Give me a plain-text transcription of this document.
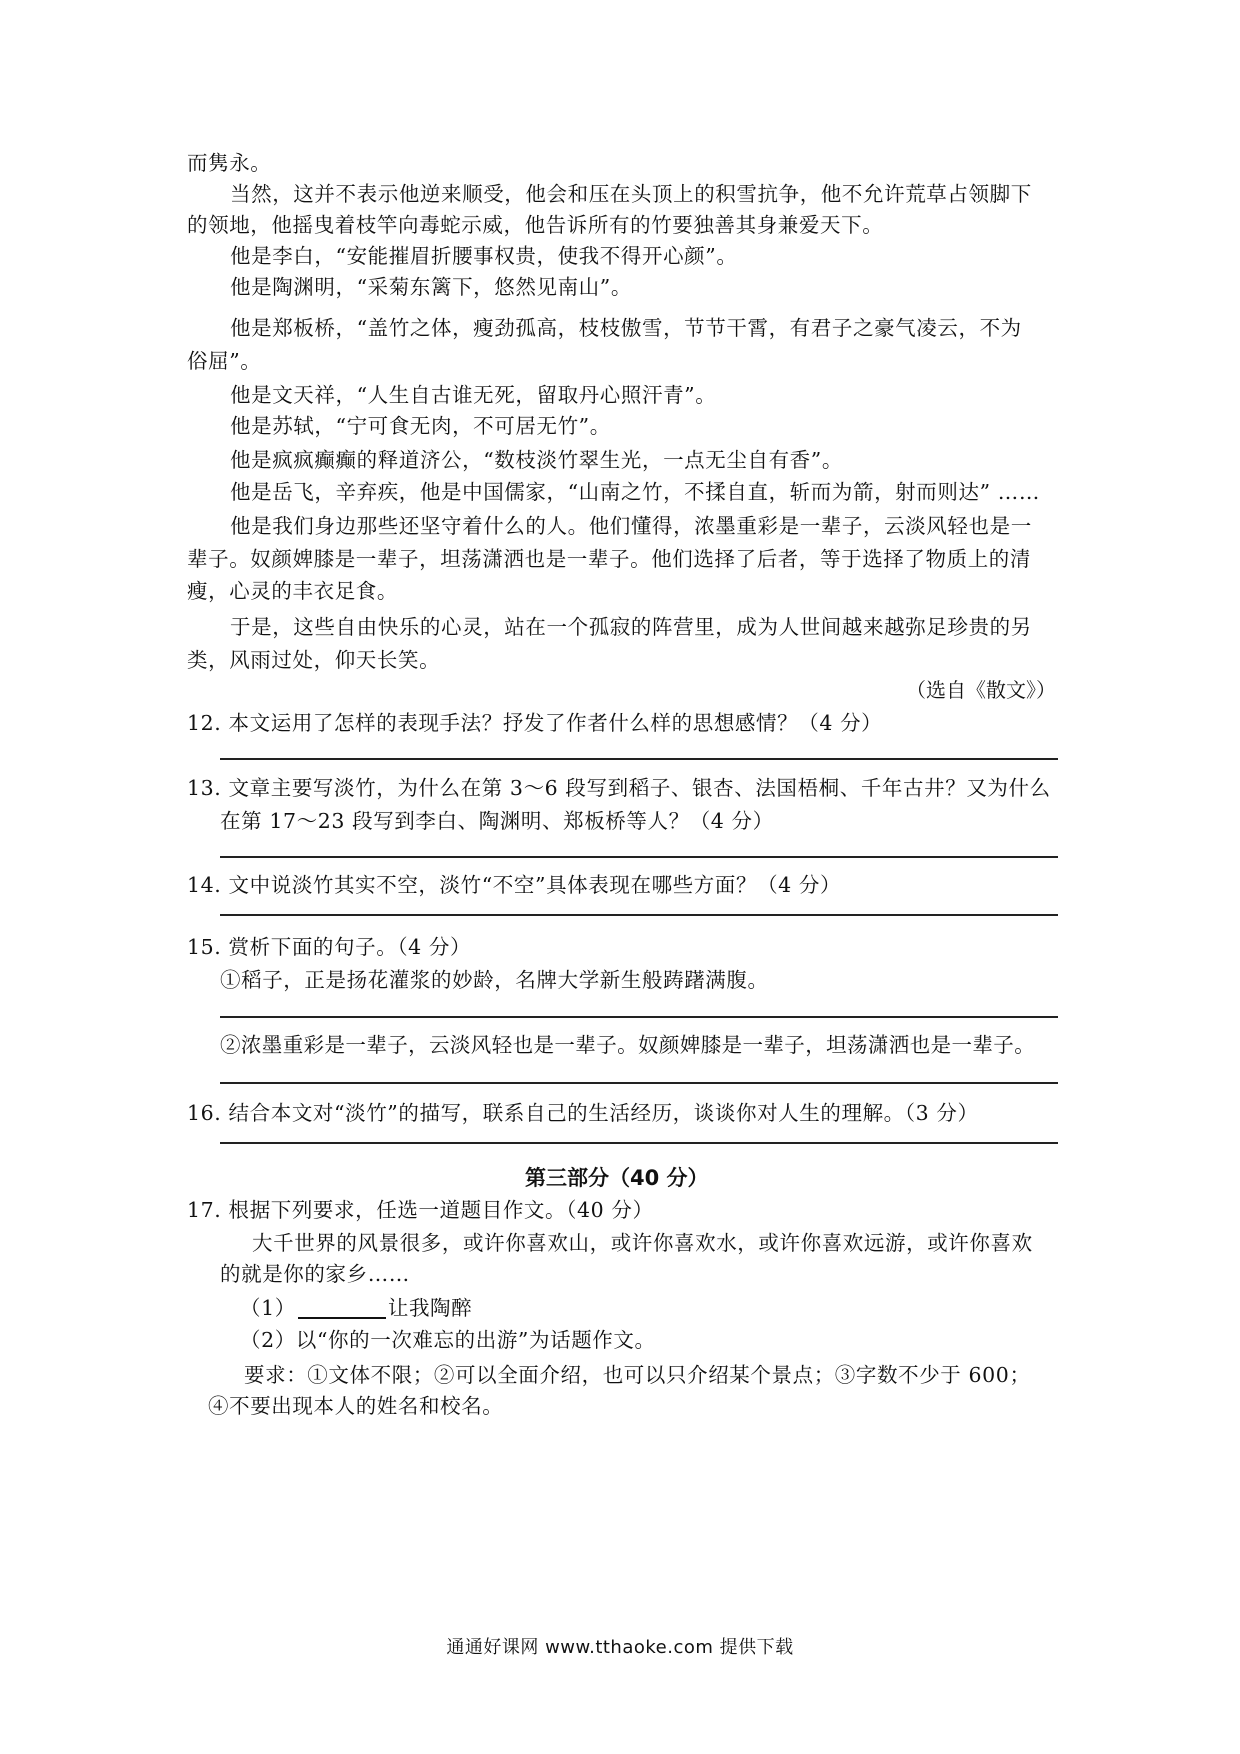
而隽永。
当然，这并不表示他逆来顺受，他会和压在头顶上的积雪抗争，他不允许荒草占领脚下
的领地，他摇曳着枝竿向毒蛇示威，他告诉所有的竹要独善其身兼爱天下。
他是李白，“安能摧眉折腰事权贵，使我不得开心颜”。
他是陶渊明，“采菊东篱下，悠然见南山”。
他是郑板桥，“盖竹之体，瘦劲孤高，枝枝傲雪，节节干霄，有君子之豪气凌云，不为
俗屈”。
他是文天祥，“人生自古谁无死，留取丹心照汗青”。
他是苏轼，“宁可食无肉，不可居无竹”。
他是疯疯癫癫的释道济公，“数枝淡竹翠生光，一点无尘自有香”。
他是岳飞，辛弃疾，他是中国儒家，“山南之竹，不揉自直，斩而为箭，射而则达” ……
他是我们身边那些还坚守着什么的人。他们懂得，浓墨重彩是一辈子，云淡风轻也是一
辈子。奴颜婢膝是一辈子，坦荡潇洒也是一辈子。他们选择了后者，等于选择了物质上的清
瘦，心灵的丰衣足食。
于是，这些自由快乐的心灵，站在一个孤寂的阵营里，成为人世间越来越弥足珍贵的另
类，风雨过处，仰天长笑。
（选自《散文》）
12. 本文运用了怎样的表现手法？抒发了作者什么样的思想感情？（4 分）
13. 文章主要写淡竹，为什么在第 3～6 段写到稻子、银杏、法国梧桐、千年古井？又为什么
在第 17～23 段写到李白、陶渊明、郑板桥等人？（4 分）
14. 文中说淡竹其实不空，淡竹“不空”具体表现在哪些方面？（4 分）
15. 赏析下面的句子。（4 分）
①稻子，正是扬花灌浆的妙龄，名牌大学新生般踌躇满腹。
②浓墨重彩是一辈子，云淡风轻也是一辈子。奴颜婢膝是一辈子，坦荡潇洒也是一辈子。
16. 结合本文对“淡竹”的描写，联系自己的生活经历，谈谈你对人生的理解。（3 分）
第三部分（40 分）
17. 根据下列要求，任选一道题目作文。（40 分）
大千世界的风景很多，或许你喜欢山，或许你喜欢水，或许你喜欢远游，或许你喜欢
的就是你的家乡……
（1）	让我陶醉
（2）以“你的一次难忘的出游”为话题作文。
要求：①文体不限；②可以全面介绍，也可以只介绍某个景点；③字数不少于 600；
④不要出现本人的姓名和校名。
通通好课网 www.tthaoke.com 提供下载
